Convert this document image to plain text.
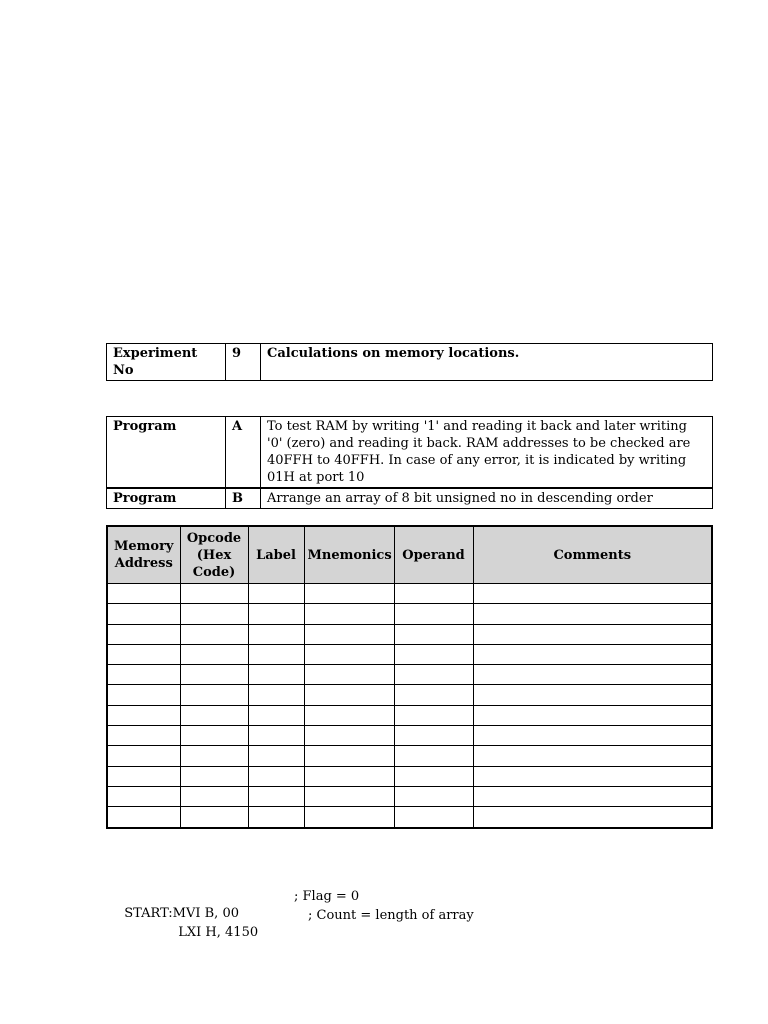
Experiment No	9	Calculations on memory locations.
Program	A	To test RAM by writing '1' and reading it back and later writing '0' (zero) and reading it back. RAM addresses to be checked are 40FFH to 40FFH. In case of any error, it is indicated by writing 01H at port 10
Program	B	Arrange an array of 8 bit unsigned no in descending order
Memory Address	Opcode (Hex Code)	Label	Mnemonics	Operand	Comments

START:MVI B, 00
; Flag = 0

LXI H, 4150
; Count = length of array
